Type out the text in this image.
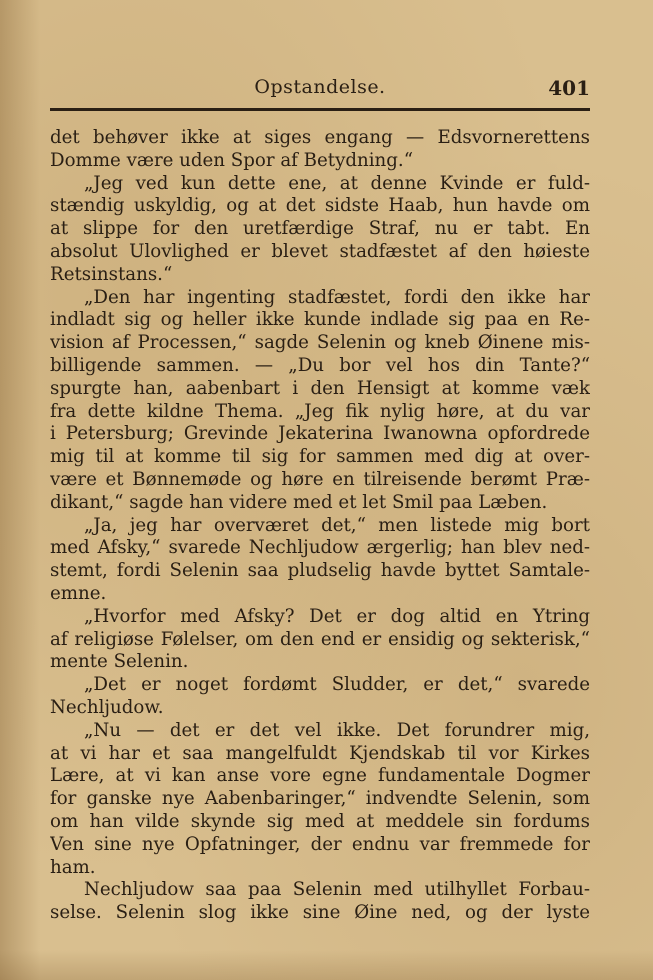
Opstandelse.	401
det behøver ikke at siges engang — Edsvornerettens
Domme være uden Spor af Betydning.“
„Jeg ved kun dette ene, at denne Kvinde er fuld-
stændig uskyldig, og at det sidste Haab, hun havde om
at slippe for den uretfærdige Straf, nu er tabt. En
absolut Ulovlighed er blevet stadfæstet af den høieste
Retsinstans.“
„Den har ingenting stadfæstet, fordi den ikke har
indladt sig og heller ikke kunde indlade sig paa en Re-
vision af Processen,“ sagde Selenin og kneb Øinene mis-
billigende sammen. — „Du bor vel hos din Tante?“
spurgte han, aabenbart i den Hensigt at komme væk
fra dette kildne Thema. „Jeg fik nylig høre, at du var
i Petersburg; Grevinde Jekaterina Iwanowna opfordrede
mig til at komme til sig for sammen med dig at over-
være et Bønnemøde og høre en tilreisende berømt Præ-
dikant,“ sagde han videre med et let Smil paa Læben.
„Ja, jeg har overværet det,“ men listede mig bort
med Afsky,“ svarede Nechljudow ærgerlig; han blev ned-
stemt, fordi Selenin saa pludselig havde byttet Samtale-
emne.
„Hvorfor med Afsky? Det er dog altid en Ytring
af religiøse Følelser, om den end er ensidig og sekterisk,“
mente Selenin.
„Det er noget fordømt Sludder, er det,“ svarede
Nechljudow.
„Nu — det er det vel ikke. Det forundrer mig,
at vi har et saa mangelfuldt Kjendskab til vor Kirkes
Lære, at vi kan anse vore egne fundamentale Dogmer
for ganske nye Aabenbaringer,“ indvendte Selenin, som
om han vilde skynde sig med at meddele sin fordums
Ven sine nye Opfatninger, der endnu var fremmede for
ham.
Nechljudow saa paa Selenin med utilhyllet Forbau-
selse. Selenin slog ikke sine Øine ned, og der lyste
